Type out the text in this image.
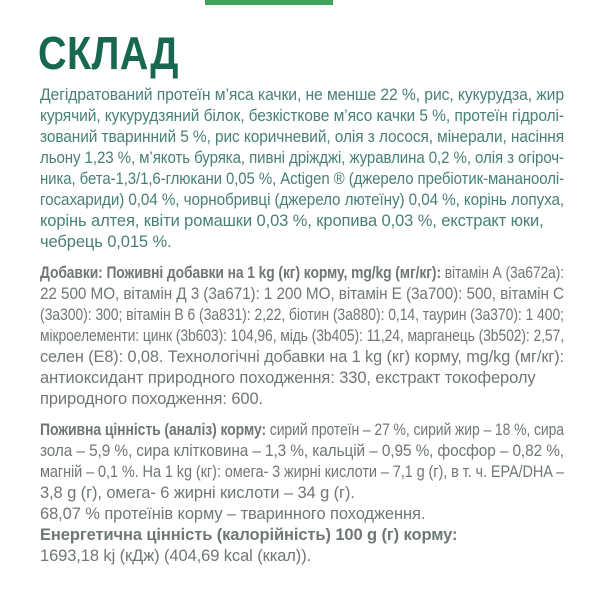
СКЛАД
Дегідратований протеїн м’яса качки, не менше 22 %, рис, кукурудза, жир
курячий, кукурудзяний білок, безкісткове м’ясо качки 5 %, протеїн гідролі-
зований тваринний 5 %, рис коричневий, олія з лосося, мінерали, насіння
льону 1,23 %, м’якоть буряка, пивні дріжджі, журавлина 0,2 %, олія з огіроч-
ника, бета-1,3/1,6-глюкани 0,05 %, Actigen ® (джерело пребіотик-мананоолі-
госахариди) 0,04 %, чорнобривці (джерело лютеїну) 0,04 %, корінь лопуха,
корінь алтея, квіти ромашки 0,03 %, кропива 0,03 %, екстракт юки,
чебрець 0,015 %.
Добавки: Поживні добавки на 1 kg (кг) корму, mg/kg (мг/кг): вітамін А (3а672а):
22 500 МО, вітамін Д 3 (3а671): 1 200 МО, вітамін Е (3а700): 500, вітамін С
(3а300): 300; вітамін В 6 (3а831): 2,22, біотин (3а880): 0,14, таурин (3а370): 1 400;
мікроелементи: цинк (3b603): 104,96, мідь (3b405): 11,24, марганець (3b502): 2,57,
селен (Е8): 0,08. Технологічні добавки на 1 kg (кг) корму, mg/kg (мг/кг):
антиоксидант природного походження: 330, екстракт токоферолу
природного походження: 600.
Поживна цінність (аналіз) корму: сирий протеїн – 27 %, сирий жир – 18 %, сира
зола – 5,9 %, сира клітковина – 1,3 %, кальцій – 0,95 %, фосфор – 0,82 %,
магній – 0,1 %. На 1 kg (кг): омега- 3 жирні кислоти – 7,1 g (г), в т. ч. EPA/DHA –
3,8 g (г), омега- 6 жирні кислоти – 34 g (г).
68,07 % протеїнів корму – тваринного походження.
Енергетична цінність (калорійність) 100 g (г) корму:
1693,18 kj (кДж) (404,69 kcal (ккал)).
